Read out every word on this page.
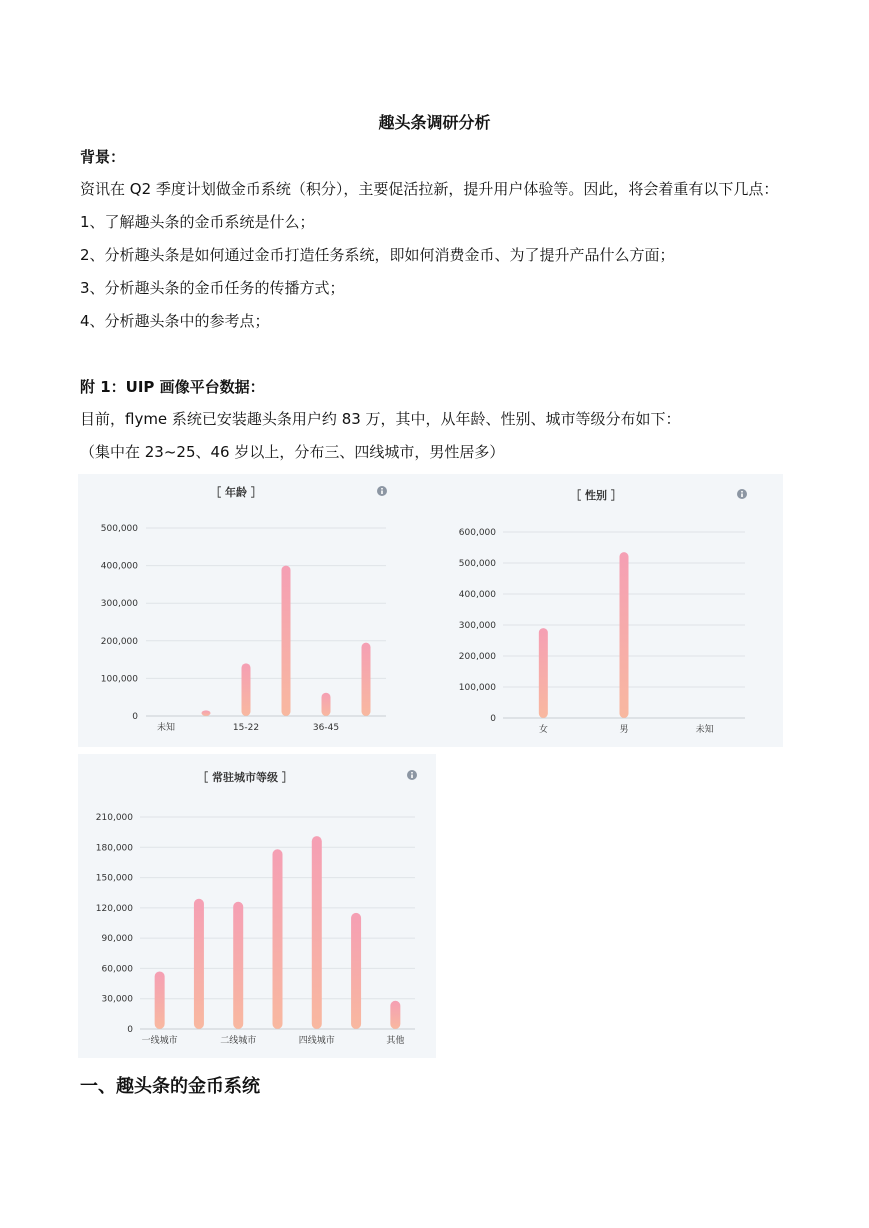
趣头条调研分析
背景：
资讯在 Q2 季度计划做金币系统（积分），主要促活拉新，提升用户体验等。因此，将会着重有以下几点：
1、了解趣头条的金币系统是什么；
2、分析趣头条是如何通过金币打造任务系统，即如何消费金币、为了提升产品什么方面；
3、分析趣头条的金币任务的传播方式；
4、分析趣头条中的参考点；
附 1：UIP 画像平台数据：
目前，flyme 系统已安装趣头条用户约 83 万，其中，从年龄、性别、城市等级分布如下：
（集中在 23~25、46 岁以上，分布三、四线城市，男性居多）
［ 年龄 ］
0
100,000
200,000
300,000
400,000
500,000
未知	15-22	36-45
［ 性别 ］
0
100,000
200,000
300,000
400,000
500,000
600,000
女	男	未知
［ 常驻城市等级 ］
0
30,000
60,000
90,000
120,000
150,000
180,000
210,000
一线城市	二线城市	四线城市	其他
一、趣头条的金币系统
